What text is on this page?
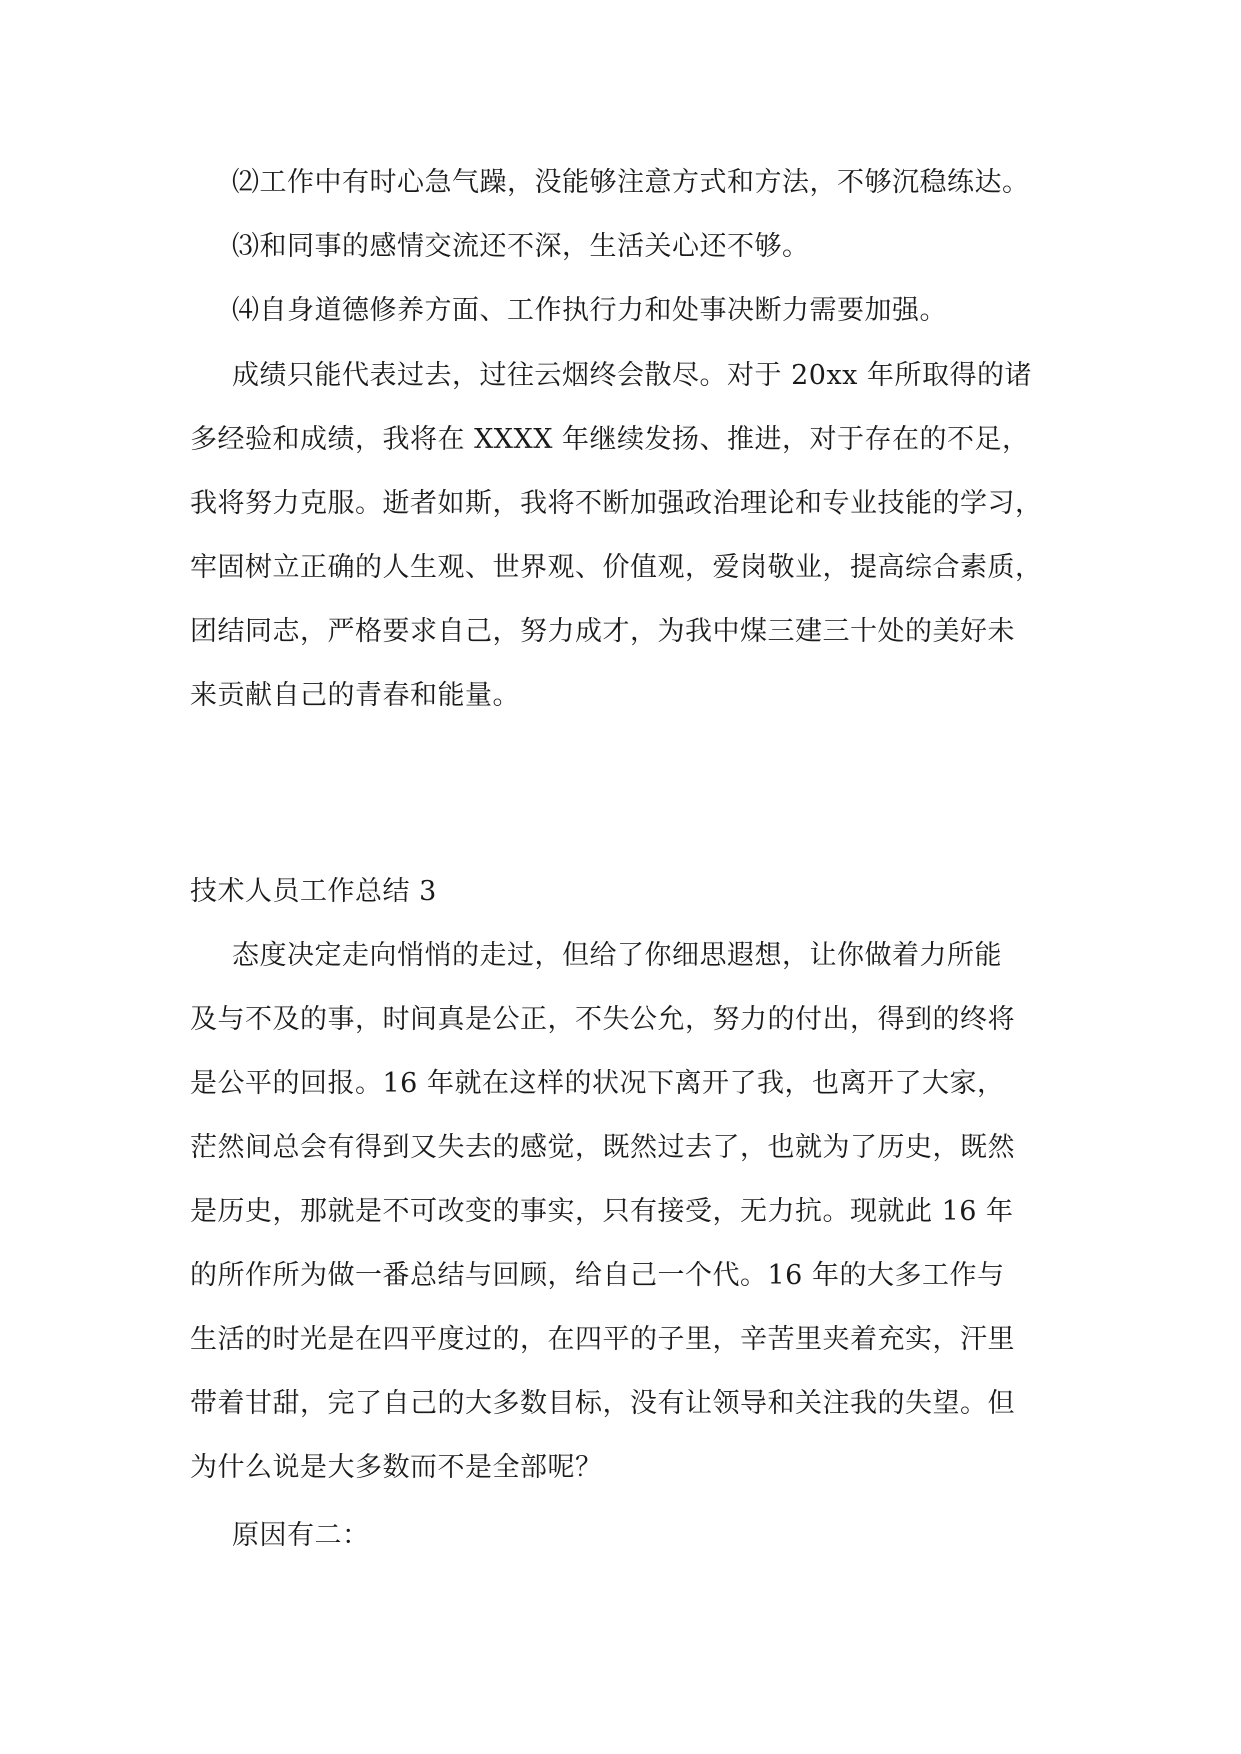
⑵工作中有时心急气躁，没能够注意方式和方法，不够沉稳练达。
⑶和同事的感情交流还不深，生活关心还不够。
⑷自身道德修养方面、工作执行力和处事决断力需要加强。
成绩只能代表过去，过往云烟终会散尽。对于 20xx 年所取得的诸
多经验和成绩，我将在 XXXX 年继续发扬、推进，对于存在的不足，
我将努力克服。逝者如斯，我将不断加强政治理论和专业技能的学习，
牢固树立正确的人生观、世界观、价值观，爱岗敬业，提高综合素质，
团结同志，严格要求自己，努力成才，为我中煤三建三十处的美好未
来贡献自己的青春和能量。
技术人员工作总结 3
态度决定走向悄悄的走过，但给了你细思遐想，让你做着力所能
及与不及的事，时间真是公正，不失公允，努力的付出，得到的终将
是公平的回报。16 年就在这样的状况下离开了我，也离开了大家，
茫然间总会有得到又失去的感觉，既然过去了，也就为了历史，既然
是历史，那就是不可改变的事实，只有接受，无力抗。现就此 16 年
的所作所为做一番总结与回顾，给自己一个代。16 年的大多工作与
生活的时光是在四平度过的，在四平的子里，辛苦里夹着充实，汗里
带着甘甜，完了自己的大多数目标，没有让领导和关注我的失望。但
为什么说是大多数而不是全部呢？
原因有二：
